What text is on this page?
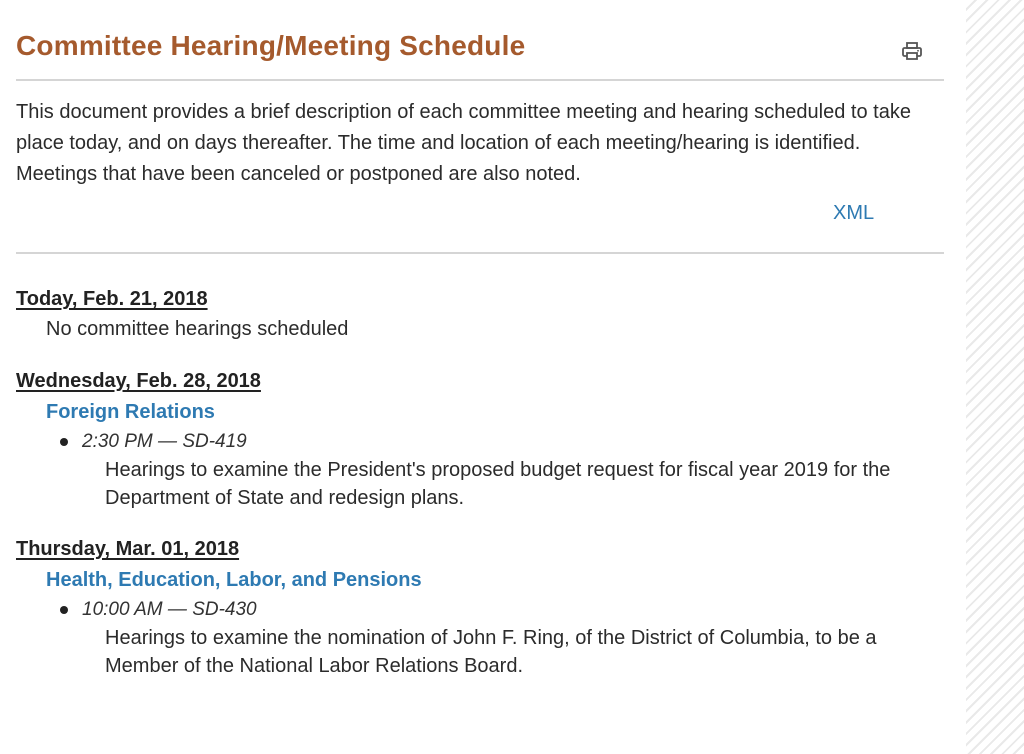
Committee Hearing/Meeting Schedule

This document provides a brief description of each committee meeting and hearing scheduled to take place today, and on days thereafter. The time and location of each meeting/hearing is identified. Meetings that have been canceled or postponed are also noted.

XML
Today, Feb. 21, 2018
No committee hearings scheduled
Wednesday, Feb. 28, 2018
Foreign Relations
2:30 PM — SD-419
Hearings to examine the President's proposed budget request for fiscal year 2019 for the Department of State and redesign plans.
Thursday, Mar. 01, 2018
Health, Education, Labor, and Pensions
10:00 AM — SD-430
Hearings to examine the nomination of John F. Ring, of the District of Columbia, to be a Member of the National Labor Relations Board.
